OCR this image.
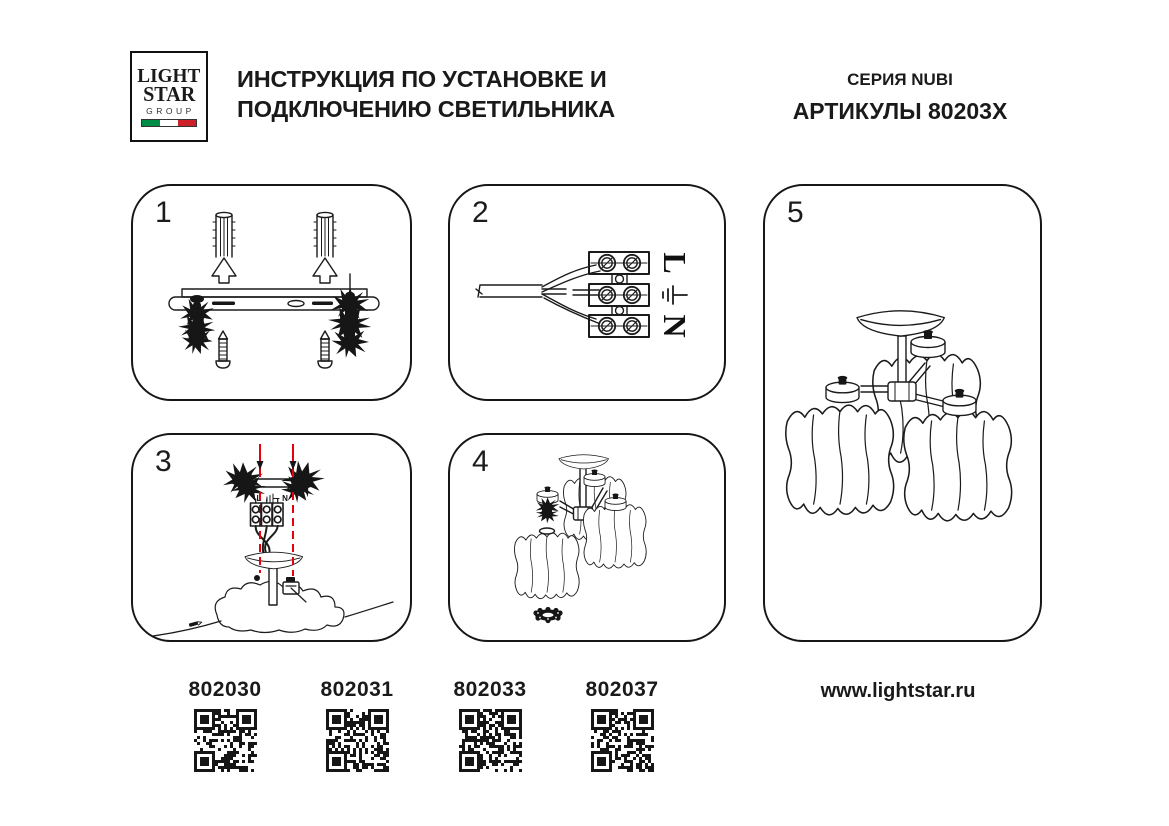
LIGHT
STAR
GROUP
ИНСТРУКЦИЯ ПО УСТАНОВКЕ И
ПОДКЛЮЧЕНИЮ СВЕТИЛЬНИКА
СЕРИЯ NUBI
АРТИКУЛЫ 80203X
1	2
L
N
3
L	N
4
5
802030	802031	802033	802037	www.lightstar.ru
